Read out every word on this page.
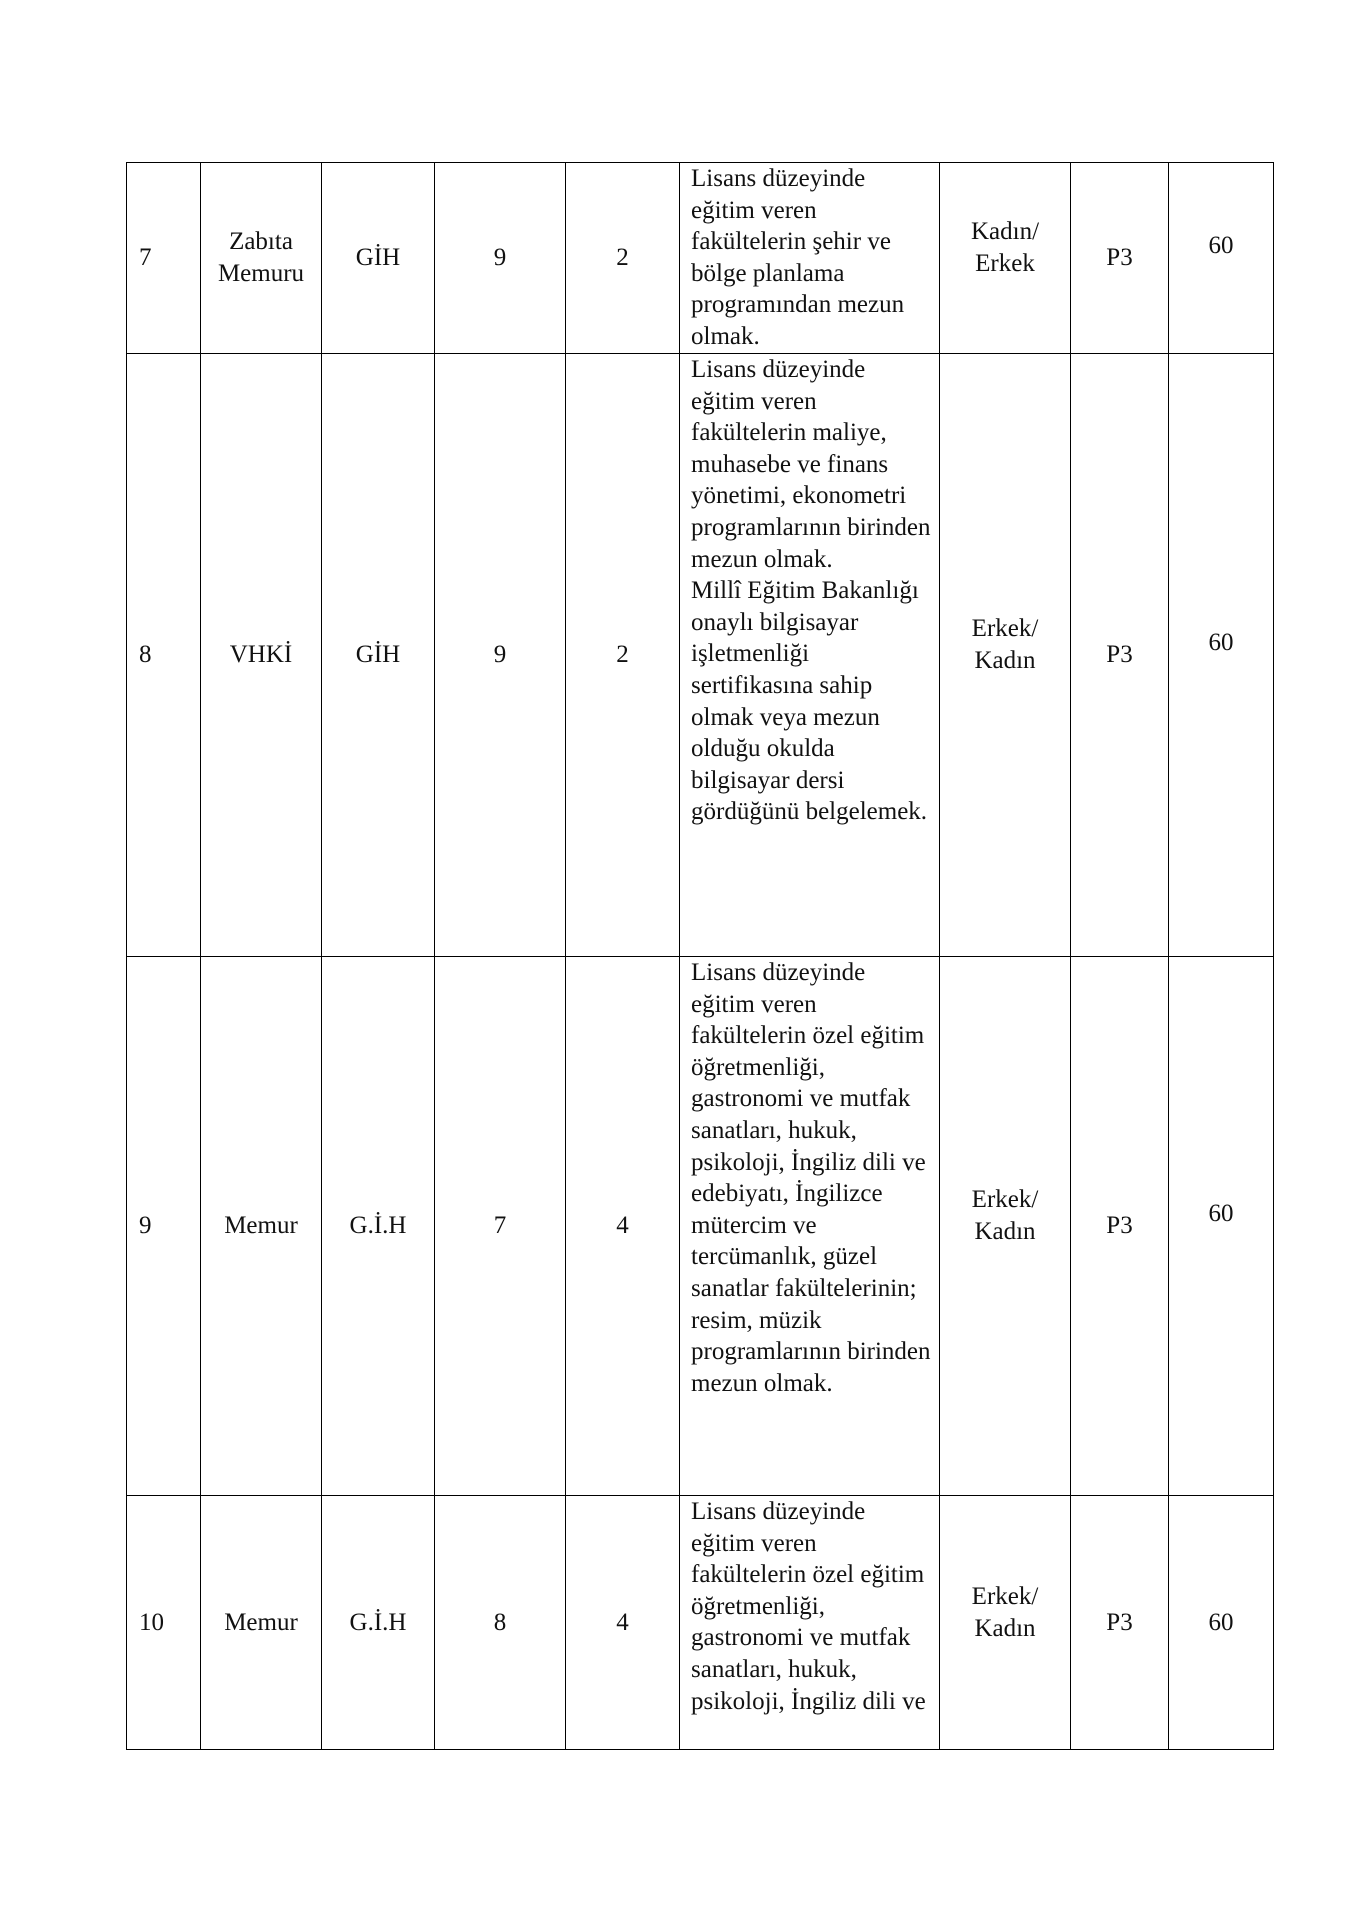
7	Zabıta
Memuru	GİH	9	2	Lisans düzeyinde eğitim veren fakültelerin şehir ve bölge planlama programından mezun olmak.	Kadın/
Erkek	P3	60

8	VHKİ	GİH	9	2	Lisans düzeyinde eğitim veren fakültelerin maliye, muhasebe ve finans yönetimi, ekonometri programlarının birinden mezun olmak.
Millî Eğitim Bakanlığı onaylı bilgisayar işletmenliği sertifikasına sahip olmak veya mezun olduğu okulda bilgisayar dersi gördüğünü belgelemek.	Erkek/
Kadın	P3	60

9	Memur	G.İ.H	7	4	Lisans düzeyinde eğitim veren fakültelerin özel eğitim öğretmenliği, gastronomi ve mutfak sanatları, hukuk, psikoloji, İngiliz dili ve edebiyatı, İngilizce mütercim ve tercümanlık, güzel sanatlar fakültelerinin; resim, müzik programlarının birinden mezun olmak.	Erkek/
Kadın	P3	60

10	Memur	G.İ.H	8	4	Lisans düzeyinde eğitim veren fakültelerin özel eğitim öğretmenliği, gastronomi ve mutfak sanatları, hukuk, psikoloji, İngiliz dili ve	Erkek/
Kadın	P3	60
